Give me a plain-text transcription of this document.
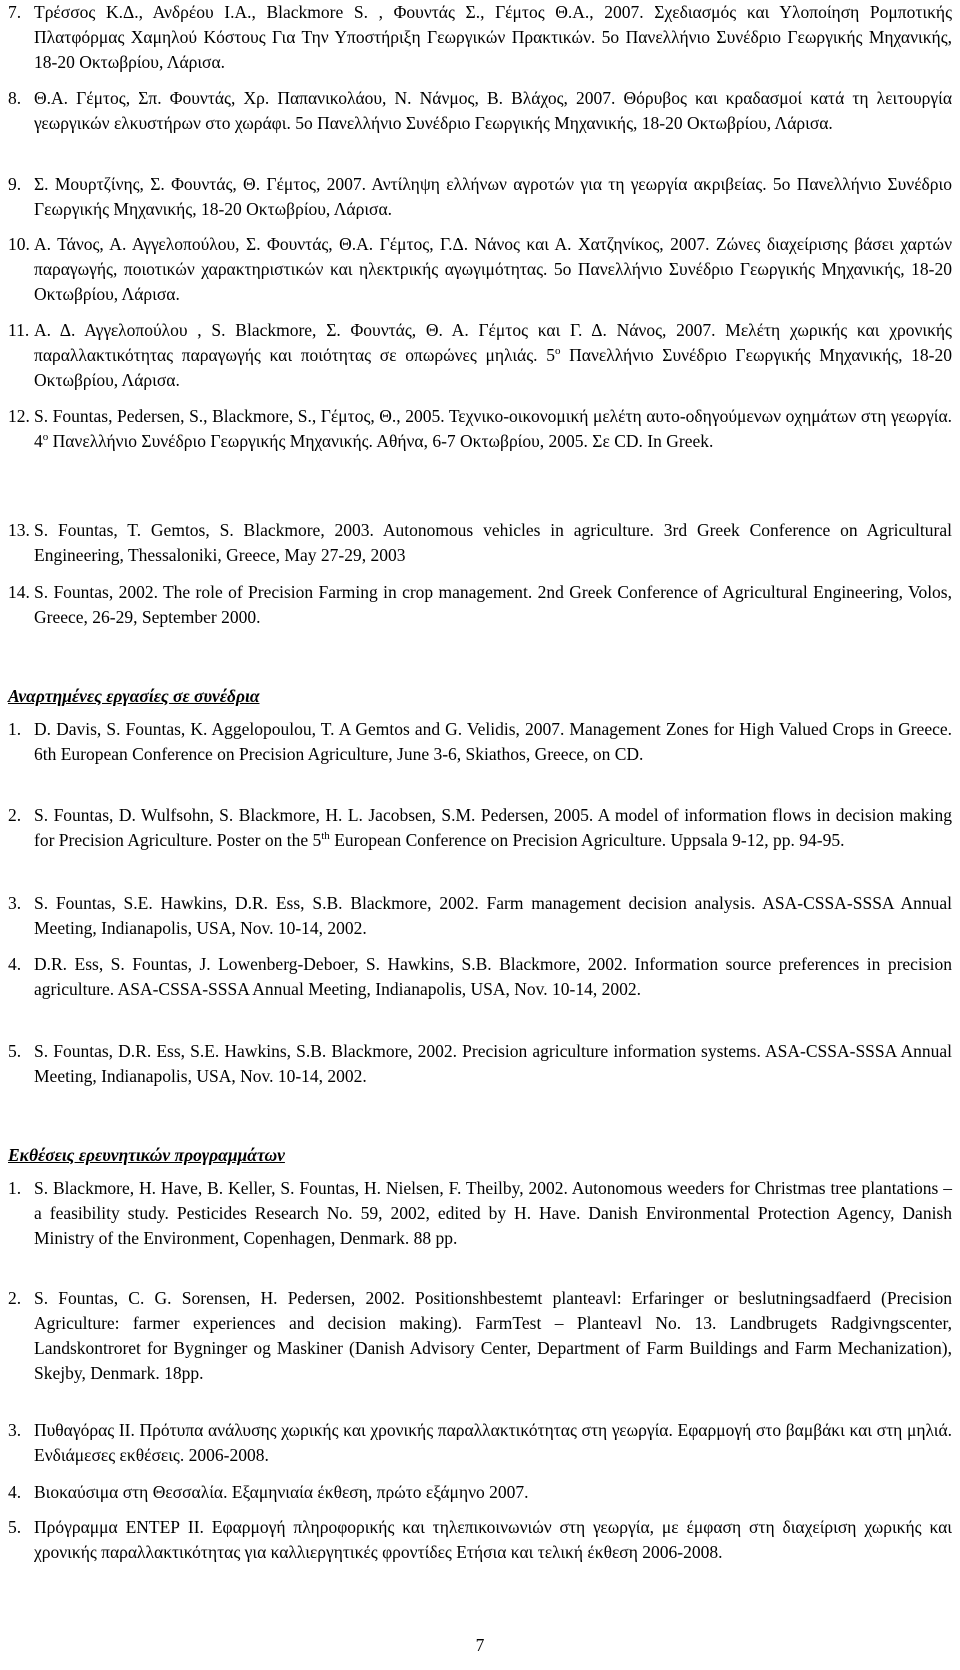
7. Τρέσσος Κ.Δ., Ανδρέου Ι.Α., Blackmore S. , Φουντάς Σ., Γέμτος Θ.Α., 2007. Σχεδιασμός και Υλοποίηση Ρομποτικής Πλατφόρμας Χαμηλού Κόστους Για Την Υποστήριξη Γεωργικών Πρακτικών. 5ο Πανελλήνιο Συνέδριο Γεωργικής Μηχανικής, 18-20 Οκτωβρίου, Λάρισα.
8. Θ.Α. Γέμτος, Σπ. Φουντάς, Χρ. Παπανικολάου, Ν. Νάνμος, Β. Βλάχος, 2007. Θόρυβος και κραδασμοί κατά τη λειτουργία γεωργικών ελκυστήρων στο χωράφι. 5ο Πανελλήνιο Συνέδριο Γεωργικής Μηχανικής, 18-20 Οκτωβρίου, Λάρισα.
9. Σ. Μουρτζίνης, Σ. Φουντάς, Θ. Γέμτος, 2007. Αντίληψη ελλήνων αγροτών για τη γεωργία ακριβείας. 5ο Πανελλήνιο Συνέδριο Γεωργικής Μηχανικής, 18-20 Οκτωβρίου, Λάρισα.
10. Α. Τάνος, Α. Αγγελοπούλου, Σ. Φουντάς, Θ.Α. Γέμτος, Γ.Δ. Νάνος και Α. Χατζηνίκος, 2007. Ζώνες διαχείρισης βάσει χαρτών παραγωγής, ποιοτικών χαρακτηριστικών και ηλεκτρικής αγωγιμότητας. 5ο Πανελλήνιο Συνέδριο Γεωργικής Μηχανικής, 18-20 Οκτωβρίου, Λάρισα.
11. Α. Δ. Αγγελοπούλου , S. Blackmore, Σ. Φουντάς, Θ. Α. Γέμτος και Γ. Δ. Νάνος, 2007. Μελέτη χωρικής και χρονικής παραλλακτικότητας παραγωγής και ποιότητας σε οπωρώνες μηλιάς. $5^o$ Πανελλήνιο Συνέδριο Γεωργικής Μηχανικής, 18-20 Οκτωβρίου, Λάρισα.
12. S. Fountas, Pedersen, S., Blackmore, S., Γέμτος, Θ., 2005. Τεχνικο-οικονομική μελέτη αυτο-οδηγούμενων οχημάτων στη γεωργία. $4^o$ Πανελλήνιο Συνέδριο Γεωργικής Μηχανικής. Αθήνα, 6-7 Οκτωβρίου, 2005. Σε CD. In Greek.
13. S. Fountas, T. Gemtos, S. Blackmore, 2003. Autonomous vehicles in agriculture. 3rd Greek Conference on Agricultural Engineering, Thessaloniki, Greece, May 27-29, 2003
14. S. Fountas, 2002. The role of Precision Farming in crop management. 2nd Greek Conference of Agricultural Engineering, Volos, Greece, 26-29, September 2000.
Αναρτημένες εργασίες σε συνέδρια
1. D. Davis, S. Fountas, K. Aggelopoulou, T. A Gemtos and G. Velidis, 2007. Management Zones for High Valued Crops in Greece. 6th European Conference on Precision Agriculture, June 3-6, Skiathos, Greece, on CD.
2. S. Fountas, D. Wulfsohn, S. Blackmore, H. L. Jacobsen, S.M. Pedersen, 2005. A model of information flows in decision making for Precision Agriculture. Poster on the 5th European Conference on Precision Agriculture. Uppsala 9-12, pp. 94-95.
3. S. Fountas, S.E. Hawkins, D.R. Ess, S.B. Blackmore, 2002. Farm management decision analysis. ASA-CSSA-SSSA Annual Meeting, Indianapolis, USA, Nov. 10-14, 2002.
4. D.R. Ess, S. Fountas, J. Lowenberg-Deboer, S. Hawkins, S.B. Blackmore, 2002. Information source preferences in precision agriculture. ASA-CSSA-SSSA Annual Meeting, Indianapolis, USA, Nov. 10-14, 2002.
5. S. Fountas, D.R. Ess, S.E. Hawkins, S.B. Blackmore, 2002. Precision agriculture information systems. ASA-CSSA-SSSA Annual Meeting, Indianapolis, USA, Nov. 10-14, 2002.
Εκθέσεις ερευνητικών προγραμμάτων
1. S. Blackmore, H. Have, B. Keller, S. Fountas, H. Nielsen, F. Theilby, 2002. Autonomous weeders for Christmas tree plantations – a feasibility study. Pesticides Research No. 59, 2002, edited by H. Have. Danish Environmental Protection Agency, Danish Ministry of the Environment, Copenhagen, Denmark. 88 pp.
2. S. Fountas, C. G. Sorensen, H. Pedersen, 2002. Positionshbestemt planteavl: Erfaringer or beslutningsadfaerd (Precision Agriculture: farmer experiences and decision making). FarmTest – Planteavl No. 13. Landbrugets Radgivngscenter, Landskontroret for Bygninger og Maskiner (Danish Advisory Center, Department of Farm Buildings and Farm Mechanization), Skejby, Denmark. 18pp.
3. Πυθαγόρας ΙΙ. Πρότυπα ανάλυσης χωρικής και χρονικής παραλλακτικότητας στη γεωργία. Εφαρμογή στο βαμβάκι και στη μηλιά. Ενδιάμεσες εκθέσεις. 2006-2008.
4. Βιοκαύσιμα στη Θεσσαλία. Εξαμηνιαία έκθεση, πρώτο εξάμηνο 2007.
5. Πρόγραμμα ΕΝΤΕΡ ΙΙ. Εφαρμογή πληροφορικής και τηλεπικοινωνιών στη γεωργία, με έμφαση στη διαχείριση χωρικής και χρονικής παραλλακτικότητας για καλλιεργητικές φροντίδες Ετήσια και τελική έκθεση 2006-2008.
7
